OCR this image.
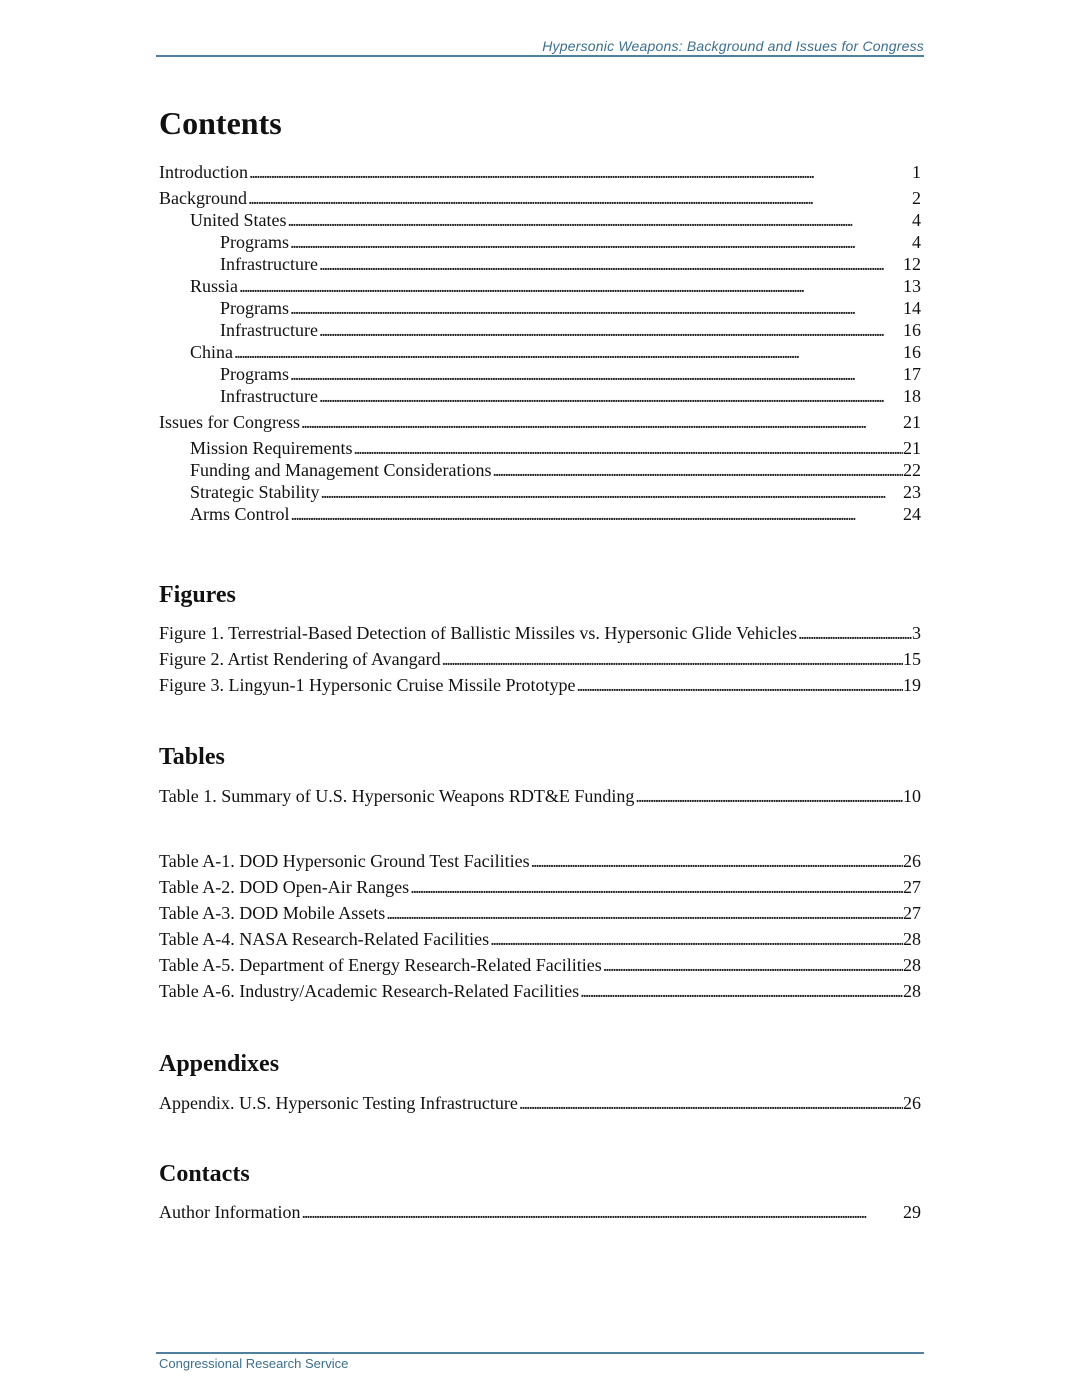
Hypersonic Weapons: Background and Issues for Congress
Contents
Introduction . . .	1
Background . . .	2
United States . . .	4
Programs . . .	4
Infrastructure . . .	12
Russia . . .	13
Programs . . .	14
Infrastructure . . .	16
China . . .	16
Programs . . .	17
Infrastructure . . .	18
Issues for Congress . . .	21
Mission Requirements . . .	21
Funding and Management Considerations . . .	22
Strategic Stability . . .	23
Arms Control . . .	24
Figures
Figure 1. Terrestrial-Based Detection of Ballistic Missiles vs. Hypersonic Glide Vehicles . . .	3
Figure 2. Artist Rendering of Avangard . . .	15
Figure 3. Lingyun-1 Hypersonic Cruise Missile Prototype . . .	19
Tables
Table 1. Summary of U.S. Hypersonic Weapons RDT&E Funding . . .	10
Table A-1. DOD Hypersonic Ground Test Facilities . . .	26
Table A-2. DOD Open-Air Ranges . . .	27
Table A-3. DOD Mobile Assets . . .	27
Table A-4. NASA Research-Related Facilities . . .	28
Table A-5. Department of Energy Research-Related Facilities . . .	28
Table A-6. Industry/Academic Research-Related Facilities . . .	28
Appendixes
Appendix. U.S. Hypersonic Testing Infrastructure . . .	26
Contacts
Author Information . . .	29
Congressional Research Service
